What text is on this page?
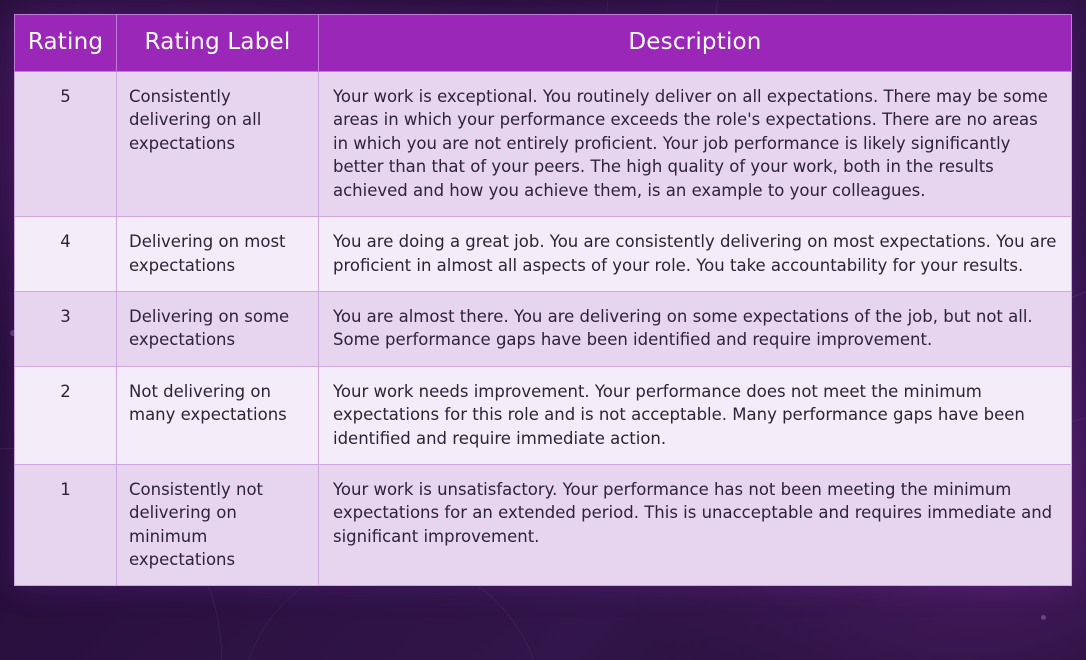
Rating	Rating Label	Description
5	Consistently delivering on all expectations	Your work is exceptional. You routinely deliver on all expectations. There may be some areas in which your performance exceeds the role's expectations. There are no areas in which you are not entirely proficient. Your job performance is likely significantly better than that of your peers. The high quality of your work, both in the results achieved and how you achieve them, is an example to your colleagues.
4	Delivering on most expectations	You are doing a great job. You are consistently delivering on most expectations. You are proficient in almost all aspects of your role. You take accountability for your results.
3	Delivering on some expectations	You are almost there. You are delivering on some expectations of the job, but not all. Some performance gaps have been identified and require improvement.
2	Not delivering on many expectations	Your work needs improvement. Your performance does not meet the minimum expectations for this role and is not acceptable. Many performance gaps have been identified and require immediate action.
1	Consistently not delivering on minimum expectations	Your work is unsatisfactory. Your performance has not been meeting the minimum expectations for an extended period. This is unacceptable and requires immediate and significant improvement.
